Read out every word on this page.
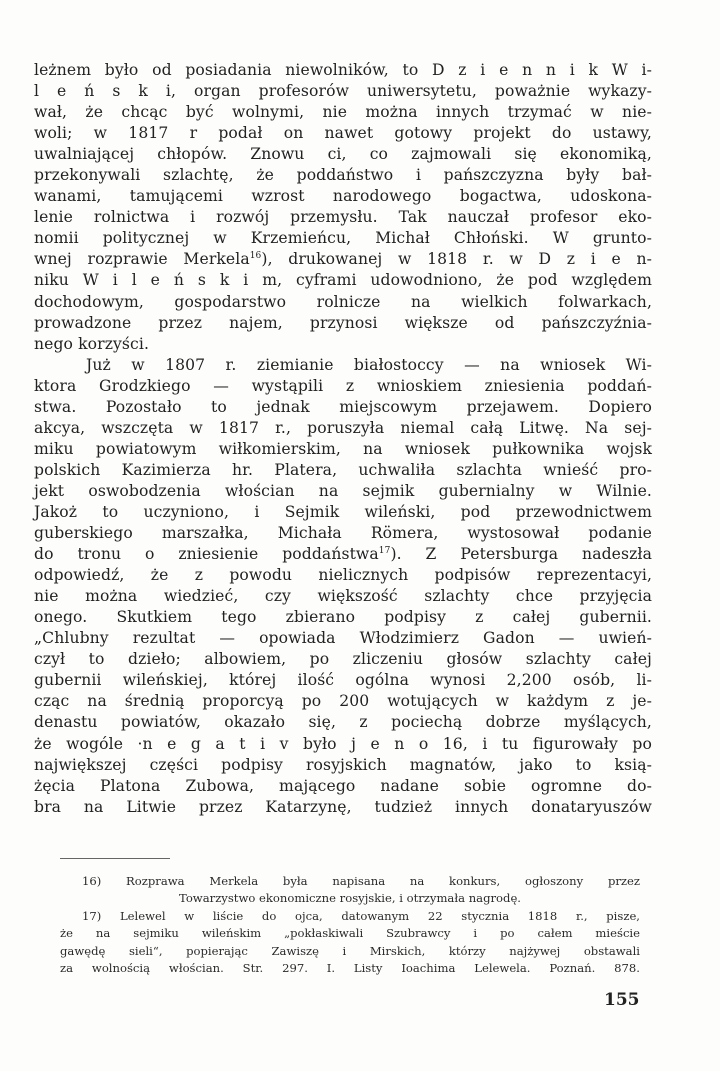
leżnem było od posiadania niewolników, to D z i e n n i k W i-
l e ń s k i, organ profesorów uniwersytetu, poważnie wykazy-
wał, że chcąc być wolnymi, nie można innych trzymać w nie-
woli; w 1817 r podał on nawet gotowy projekt do ustawy,
uwalniającej chłopów. Znowu ci, co zajmowali się ekonomiką,
przekonywali szlachtę, że poddaństwo i pańszczyzna były bał-
wanami, tamującemi wzrost narodowego bogactwa, udoskona-
lenie rolnictwa i rozwój przemysłu. Tak nauczał profesor eko-
nomii politycznej w Krzemieńcu, Michał Chłoński. W grunto-
wnej rozprawie Merkela$^{16}$), drukowanej w 1818 r. w D z i e n-
niku W i l e ń s k i m, cyframi udowodniono, że pod względem
dochodowym, gospodarstwo rolnicze na wielkich folwarkach,
prowadzone przez najem, przynosi większe od pańszczyźnia-
nego korzyści.
Już w 1807 r. ziemianie białostoccy — na wniosek Wi-
ktora Grodzkiego — wystąpili z wnioskiem zniesienia poddań-
stwa. Pozostało to jednak miejscowym przejawem. Dopiero
akcya, wszczęta w 1817 r., poruszyła niemal całą Litwę. Na sej-
miku powiatowym wiłkomierskim, na wniosek pułkownika wojsk
polskich Kazimierza hr. Platera, uchwaliła szlachta wnieść pro-
jekt oswobodzenia włościan na sejmik gubernialny w Wilnie.
Jakoż to uczyniono, i Sejmik wileński, pod przewodnictwem
guberskiego marszałka, Michała Römera, wystosował podanie
do tronu o zniesienie poddaństwa$^{17}$). Z Petersburga nadeszła
odpowiedź, że z powodu nielicznych podpisów reprezentacyi,
nie można wiedzieć, czy większość szlachty chce przyjęcia
onego. Skutkiem tego zbierano podpisy z całej gubernii.
„Chlubny rezultat — opowiada Włodzimierz Gadon — uwień-
czył to dzieło; albowiem, po zliczeniu głosów szlachty całej
gubernii wileńskiej, której ilość ogólna wynosi 2,200 osób, li-
cząc na średnią proporcyą po 200 wotujących w każdym z je-
denastu powiatów, okazało się, z pociechą dobrze myślących,
że wogóle ·n e g a t i v było j e n o 16, i tu figurowały po
największej części podpisy rosyjskich magnatów, jako to ksią-
żęcia Platona Zubowa, mającego nadane sobie ogromne do-
bra na Litwie przez Katarzynę, tudzież innych donataryuszów
16) Rozprawa Merkela była napisana na konkurs, ogłoszony przez
Towarzystwo ekonomiczne rosyjskie, i otrzymała nagrodę.
17) Lelewel w liście do ojca, datowanym 22 stycznia 1818 r., pisze,
że na sejmiku wileńskim „pokłaskiwali Szubrawcy i po całem mieście
gawędę sieli“, popierając Zawiszę i Mirskich, którzy najżywej obstawali
za wolnością włościan. Str. 297. I. Listy Ioachima Lelewela. Poznań. 878.
155
